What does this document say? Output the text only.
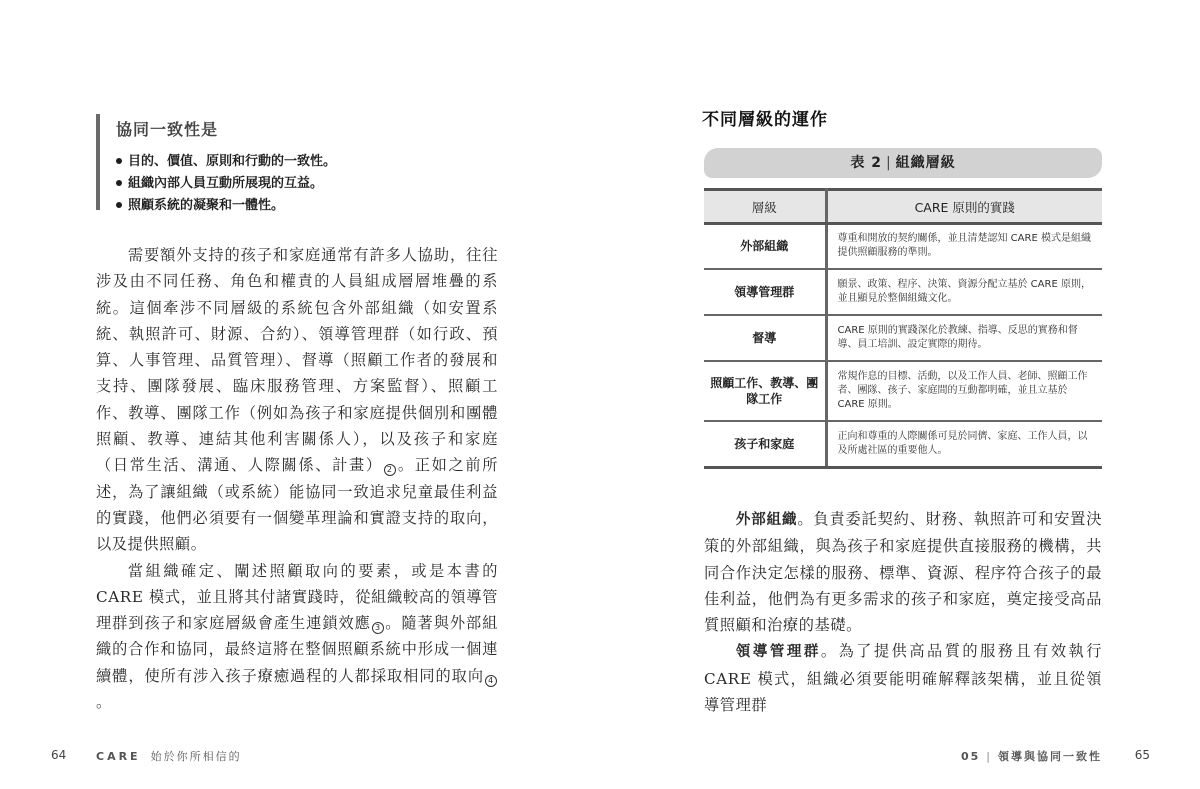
協同一致性是
目的、價值、原則和行動的一致性。
組織內部人員互動所展現的互益。
照顧系統的凝聚和一體性。

需要額外支持的孩子和家庭通常有許多人協助，往往涉及由不同任務、角色和權責的人員組成層層堆疊的系統。這個牽涉不同層級的系統包含外部組織（如安置系統、執照許可、財源、合約）、領導管理群（如行政、預算、人事管理、品質管理）、督導（照顧工作者的發展和支持、團隊發展、臨床服務管理、方案監督）、照顧工作、教導、團隊工作（例如為孩子和家庭提供個別和團體照顧、教導、連結其他利害關係人），以及孩子和家庭（日常生活、溝通、人際關係、計畫） 2 。正如之前所述，為了讓組織（或系統）能協同一致追求兒童最佳利益的實踐，他們必須要有一個變革理論和實證支持的取向，以及提供照顧。

當組織確定、闡述照顧取向的要素，或是本書的 CARE 模式，並且將其付諸實踐時，從組織較高的領導管理群到孩子和家庭層級會產生連鎖效應 3 。隨著與外部組織的合作和協同，最終這將在整個照顧系統中形成一個連續體，使所有涉入孩子療癒過程的人都採取相同的取向 4。

64	CARE 始於你所相信的
不同層級的運作
表 2 | 組織層級
層級	CARE 原則的實踐
外部組織	尊重和開放的契約關係，並且清楚認知 CARE 模式是組織提供照顧服務的準則。
領導管理群	願景、政策、程序、決策、資源分配立基於 CARE 原則，並且顯見於整個組織文化。
督導	CARE 原則的實踐深化於教練、指導、反思的實務和督導、員工培訓、設定實際的期待。
照顧工作、教導、團隊工作	常規作息的目標、活動，以及工作人員、老師、照顧工作者、團隊、孩子、家庭間的互動都明確，並且立基於 CARE 原則。
孩子和家庭	正向和尊重的人際關係可見於同儕、家庭、工作人員，以及所處社區的重要他人。

外部組織。負責委託契約、財務、執照許可和安置決策的外部組織，與為孩子和家庭提供直接服務的機構，共同合作決定怎樣的服務、標準、資源、程序符合孩子的最佳利益，他們為有更多需求的孩子和家庭，奠定接受高品質照顧和治療的基礎。

領導管理群。為了提供高品質的服務且有效執行 CARE 模式，組織必須要能明確解釋該架構，並且從領導管理群

05 | 領導與協同一致性	65
